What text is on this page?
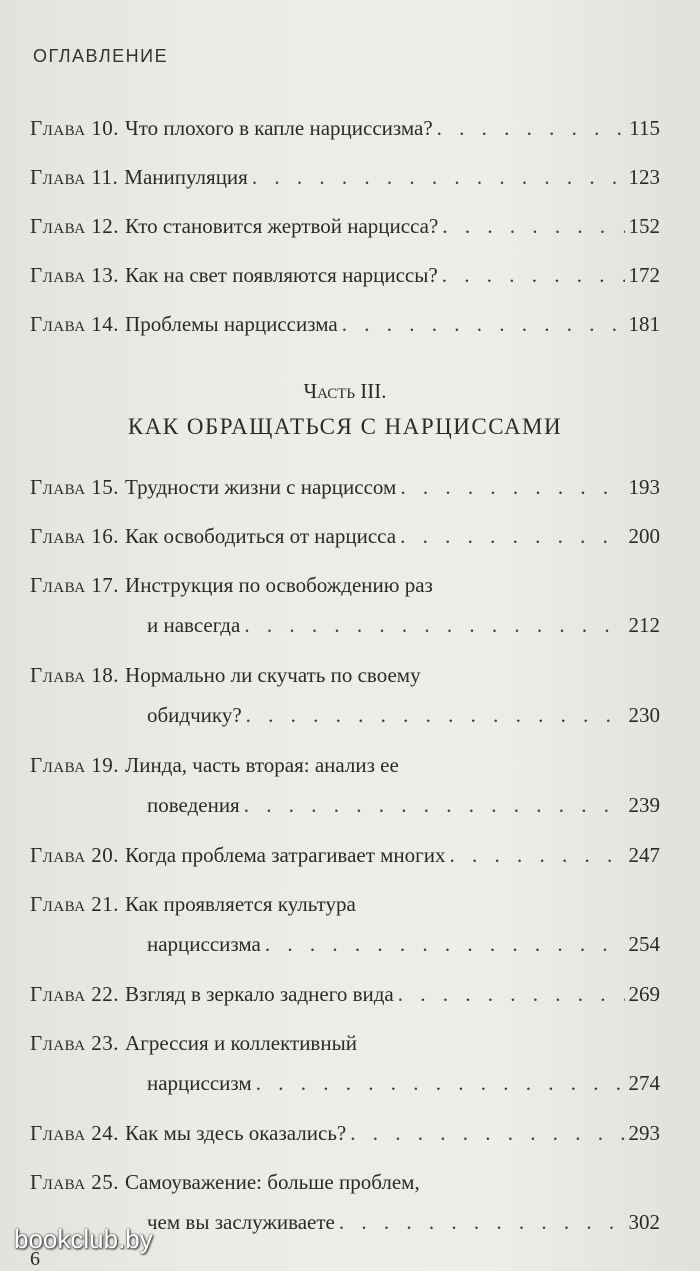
ОГЛАВЛЕНИЕ
Глава 10. Что плохого в капле нарциссизма? . . .	115
Глава 11. Манипуляция . . .	123
Глава 12. Кто становится жертвой нарцисса? . . .	152
Глава 13. Как на свет появляются нарциссы? . . .	172
Глава 14. Проблемы нарциссизма . . .	181
Часть III.
КАК ОБРАЩАТЬСЯ С НАРЦИССАМИ
Глава 15. Трудности жизни с нарциссом . . .	193
Глава 16. Как освободиться от нарцисса . . .	200
Глава 17. Инструкция по освобождению раз
и навсегда . . .	212
Глава 18. Нормально ли скучать по своему
обидчику? . . .	230
Глава 19. Линда, часть вторая: анализ ее
поведения . . .	239
Глава 20. Когда проблема затрагивает многих . . .	247
Глава 21. Как проявляется культура
нарциссизма . . .	254
Глава 22. Взгляд в зеркало заднего вида . . .	269
Глава 23. Агрессия и коллективный
нарциссизм . . .	274
Глава 24. Как мы здесь оказались? . . .	293
Глава 25. Самоуважение: больше проблем,
чем вы заслуживаете . . .	302
6
bookclub.by
